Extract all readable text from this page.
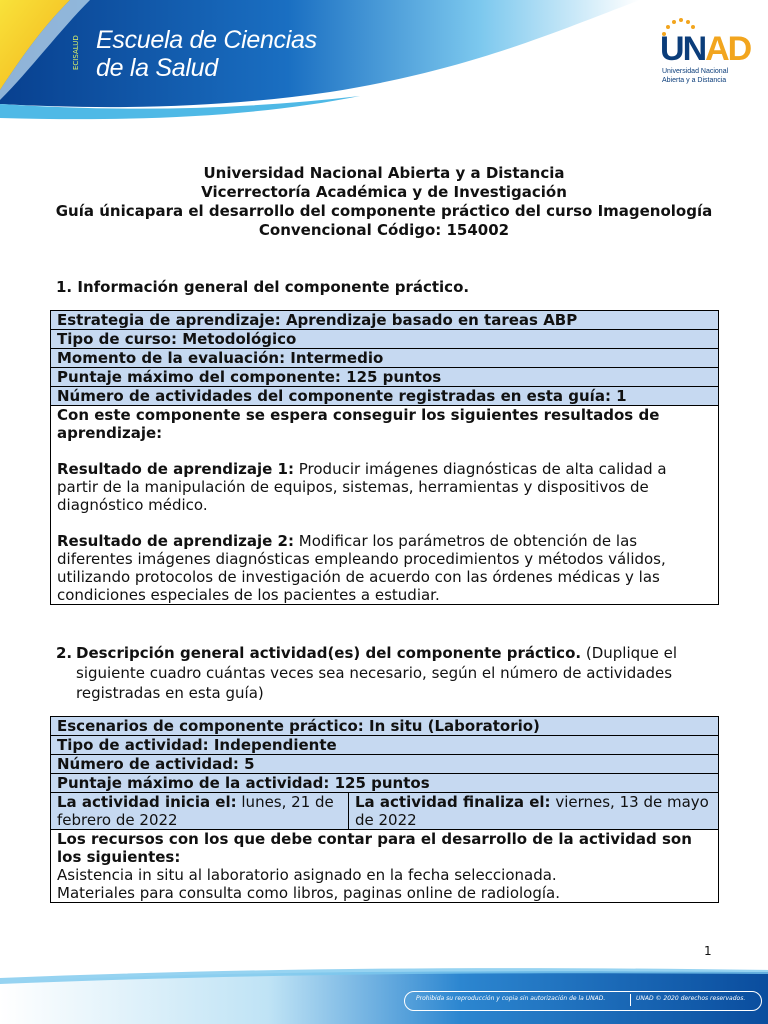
ECISALUD Escuela de Ciencias
de la Salud	UNAD
Universidad Nacional
Abierta y a Distancia
Universidad Nacional Abierta y a Distancia
Vicerrectoría Académica y de Investigación
Guía únicapara el desarrollo del componente práctico del curso Imagenología
Convencional Código: 154002
1. Información general del componente práctico.
Estrategia de aprendizaje: Aprendizaje basado en tareas ABP
Tipo de curso: Metodológico
Momento de la evaluación: Intermedio
Puntaje máximo del componente: 125 puntos
Número de actividades del componente registradas en esta guía: 1

Con este componente se espera conseguir los siguientes resultados de aprendizaje:

Resultado de aprendizaje 1: Producir imágenes diagnósticas de alta calidad a partir de la manipulación de equipos, sistemas, herramientas y dispositivos de diagnóstico médico.

Resultado de aprendizaje 2: Modificar los parámetros de obtención de las diferentes imágenes diagnósticas empleando procedimientos y métodos válidos, utilizando protocolos de investigación de acuerdo con las órdenes médicas y las condiciones especiales de los pacientes a estudiar.

2. Descripción general actividad(es) del componente práctico. (Duplique el siguiente cuadro cuántas veces sea necesario, según el número de actividades registradas en esta guía)
Escenarios de componente práctico: In situ (Laboratorio)
Tipo de actividad: Independiente
Número de actividad: 5
Puntaje máximo de la actividad: 125 puntos
La actividad inicia el: lunes, 21 de febrero de 2022	La actividad finaliza el: viernes, 13 de mayo de 2022

Los recursos con los que debe contar para el desarrollo de la actividad son los siguientes:

Asistencia in situ al laboratorio asignado en la fecha seleccionada.

Materiales para consulta como libros, paginas online de radiología.

1
Prohibida su reproducción y copia sin autorización de la UNAD.	UNAD © 2020 derechos reservados.
